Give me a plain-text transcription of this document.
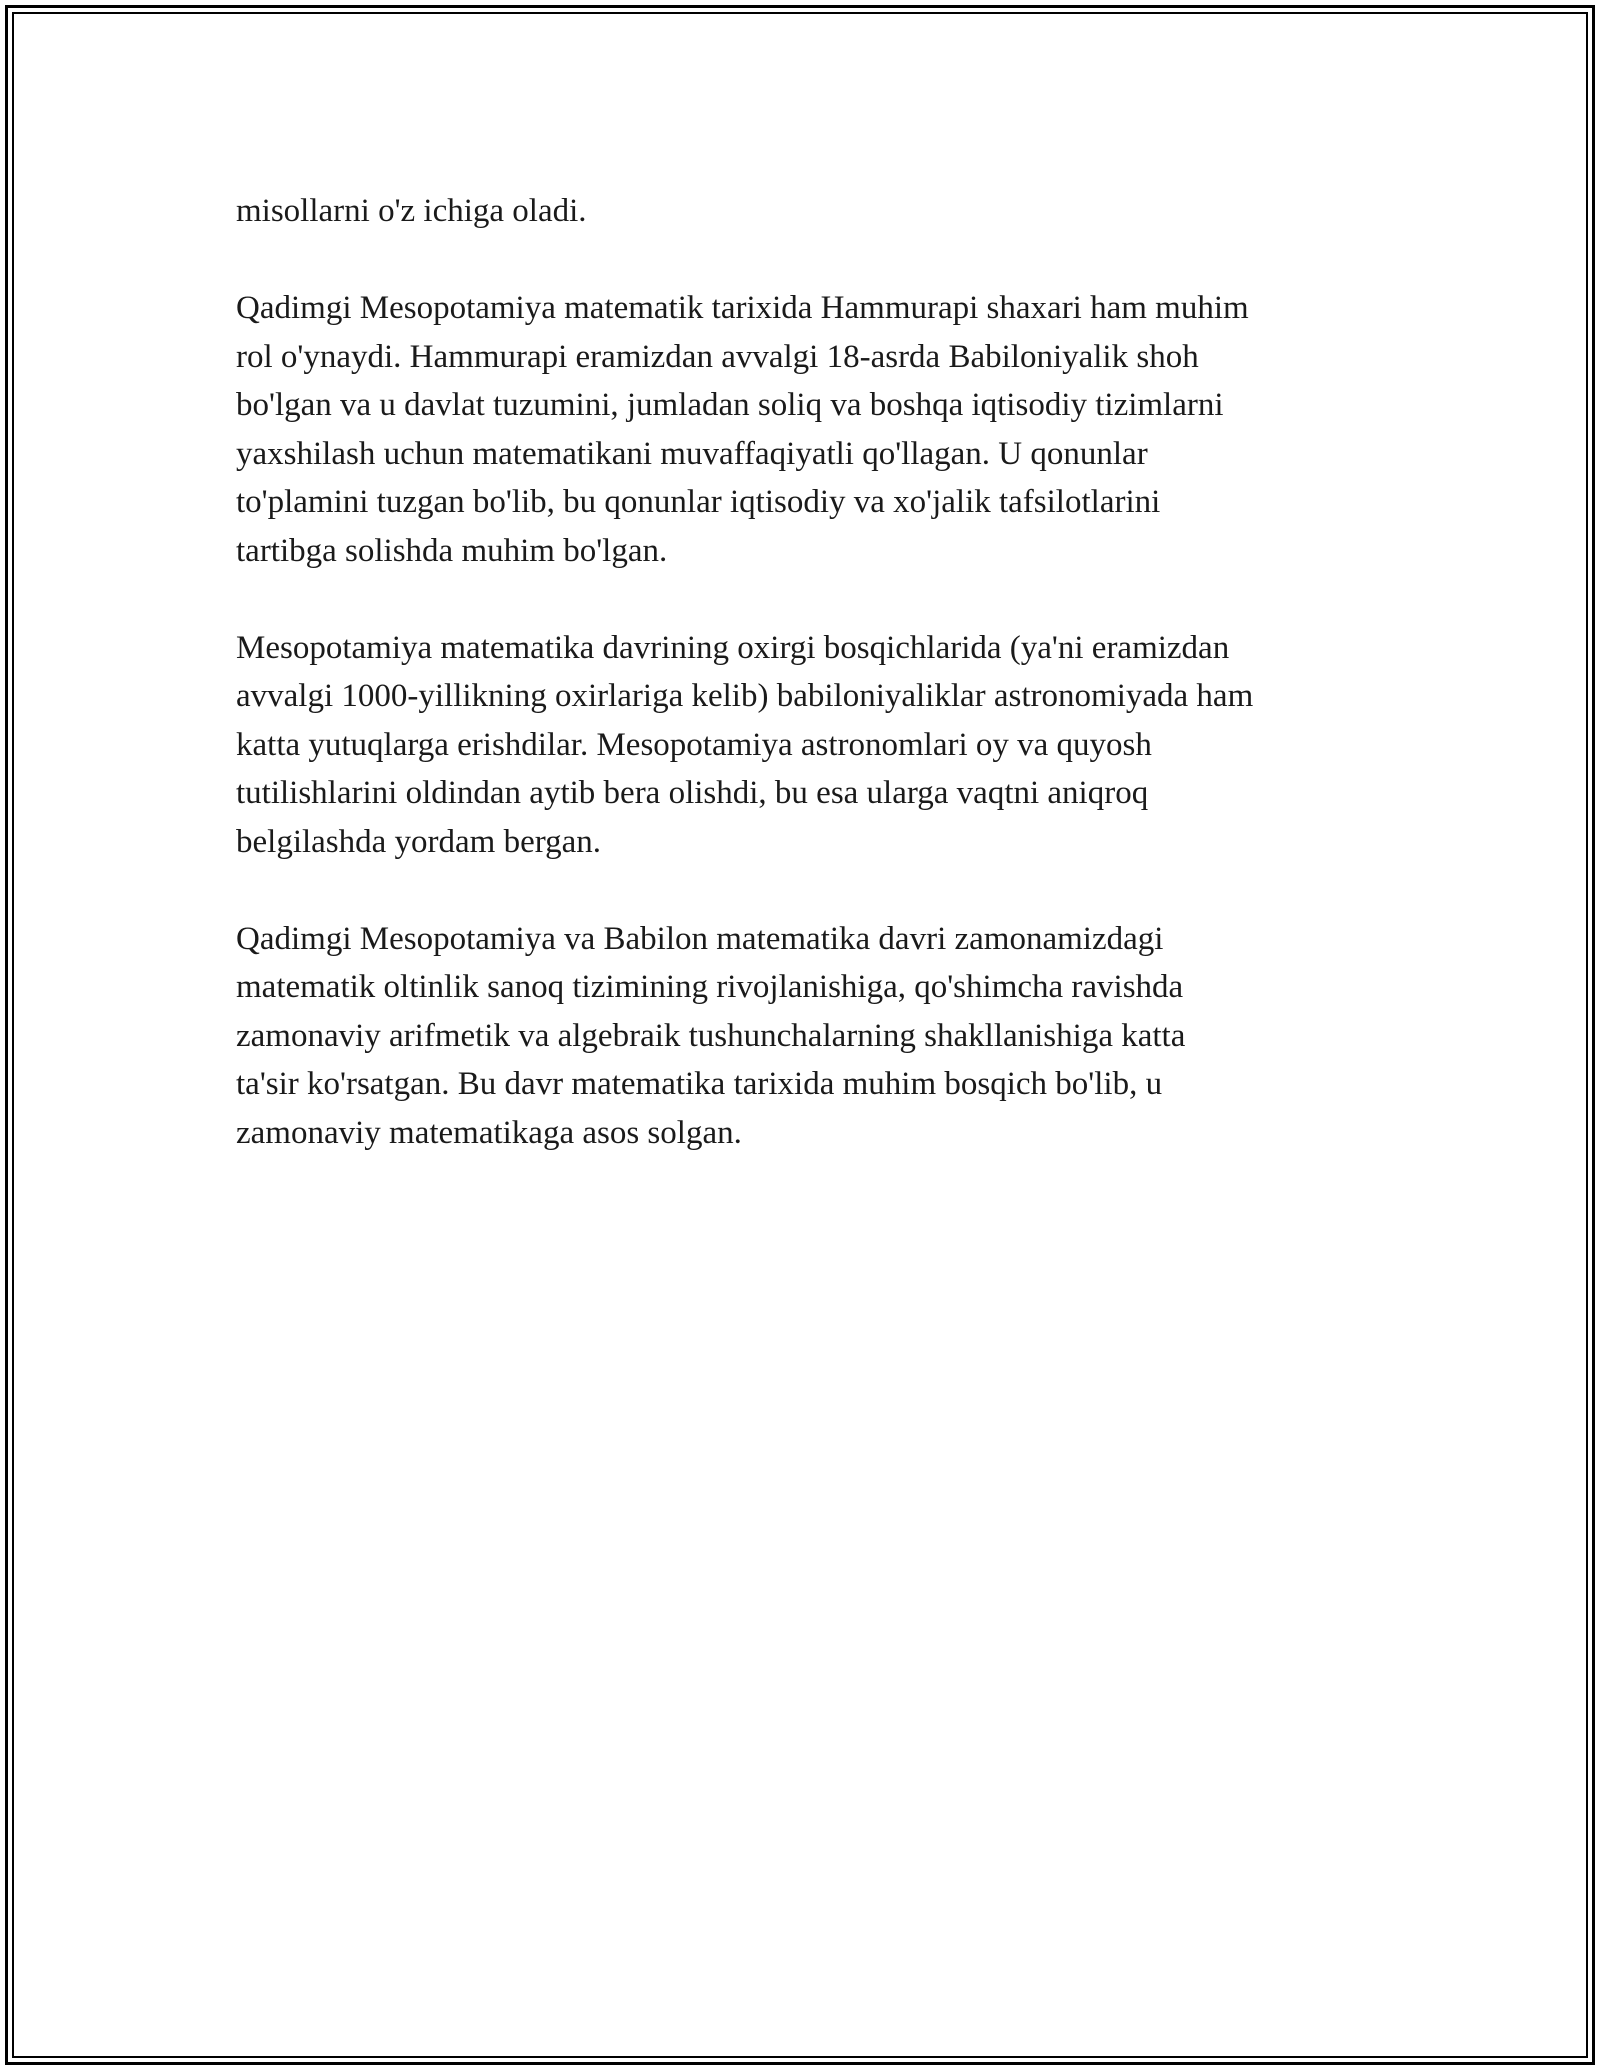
misollarni o'z ichiga oladi.

Qadimgi Mesopotamiya matematik tarixida Hammurapi shaxari ham muhim
rol o'ynaydi. Hammurapi eramizdan avvalgi 18-asrda Babiloniyalik shoh
bo'lgan va u davlat tuzumini, jumladan soliq va boshqa iqtisodiy tizimlarni
yaxshilash uchun matematikani muvaffaqiyatli qo'llagan. U qonunlar
to'plamini tuzgan bo'lib, bu qonunlar iqtisodiy va xo'jalik tafsilotlarini
tartibga solishda muhim bo'lgan.

Mesopotamiya matematika davrining oxirgi bosqichlarida (ya'ni eramizdan
avvalgi 1000-yillikning oxirlariga kelib) babiloniyaliklar astronomiyada ham
katta yutuqlarga erishdilar. Mesopotamiya astronomlari oy va quyosh
tutilishlarini oldindan aytib bera olishdi, bu esa ularga vaqtni aniqroq
belgilashda yordam bergan.

Qadimgi Mesopotamiya va Babilon matematika davri zamonamizdagi
matematik oltinlik sanoq tizimining rivojlanishiga, qo'shimcha ravishda
zamonaviy arifmetik va algebraik tushunchalarning shakllanishiga katta
ta'sir ko'rsatgan. Bu davr matematika tarixida muhim bosqich bo'lib, u
zamonaviy matematikaga asos solgan.
